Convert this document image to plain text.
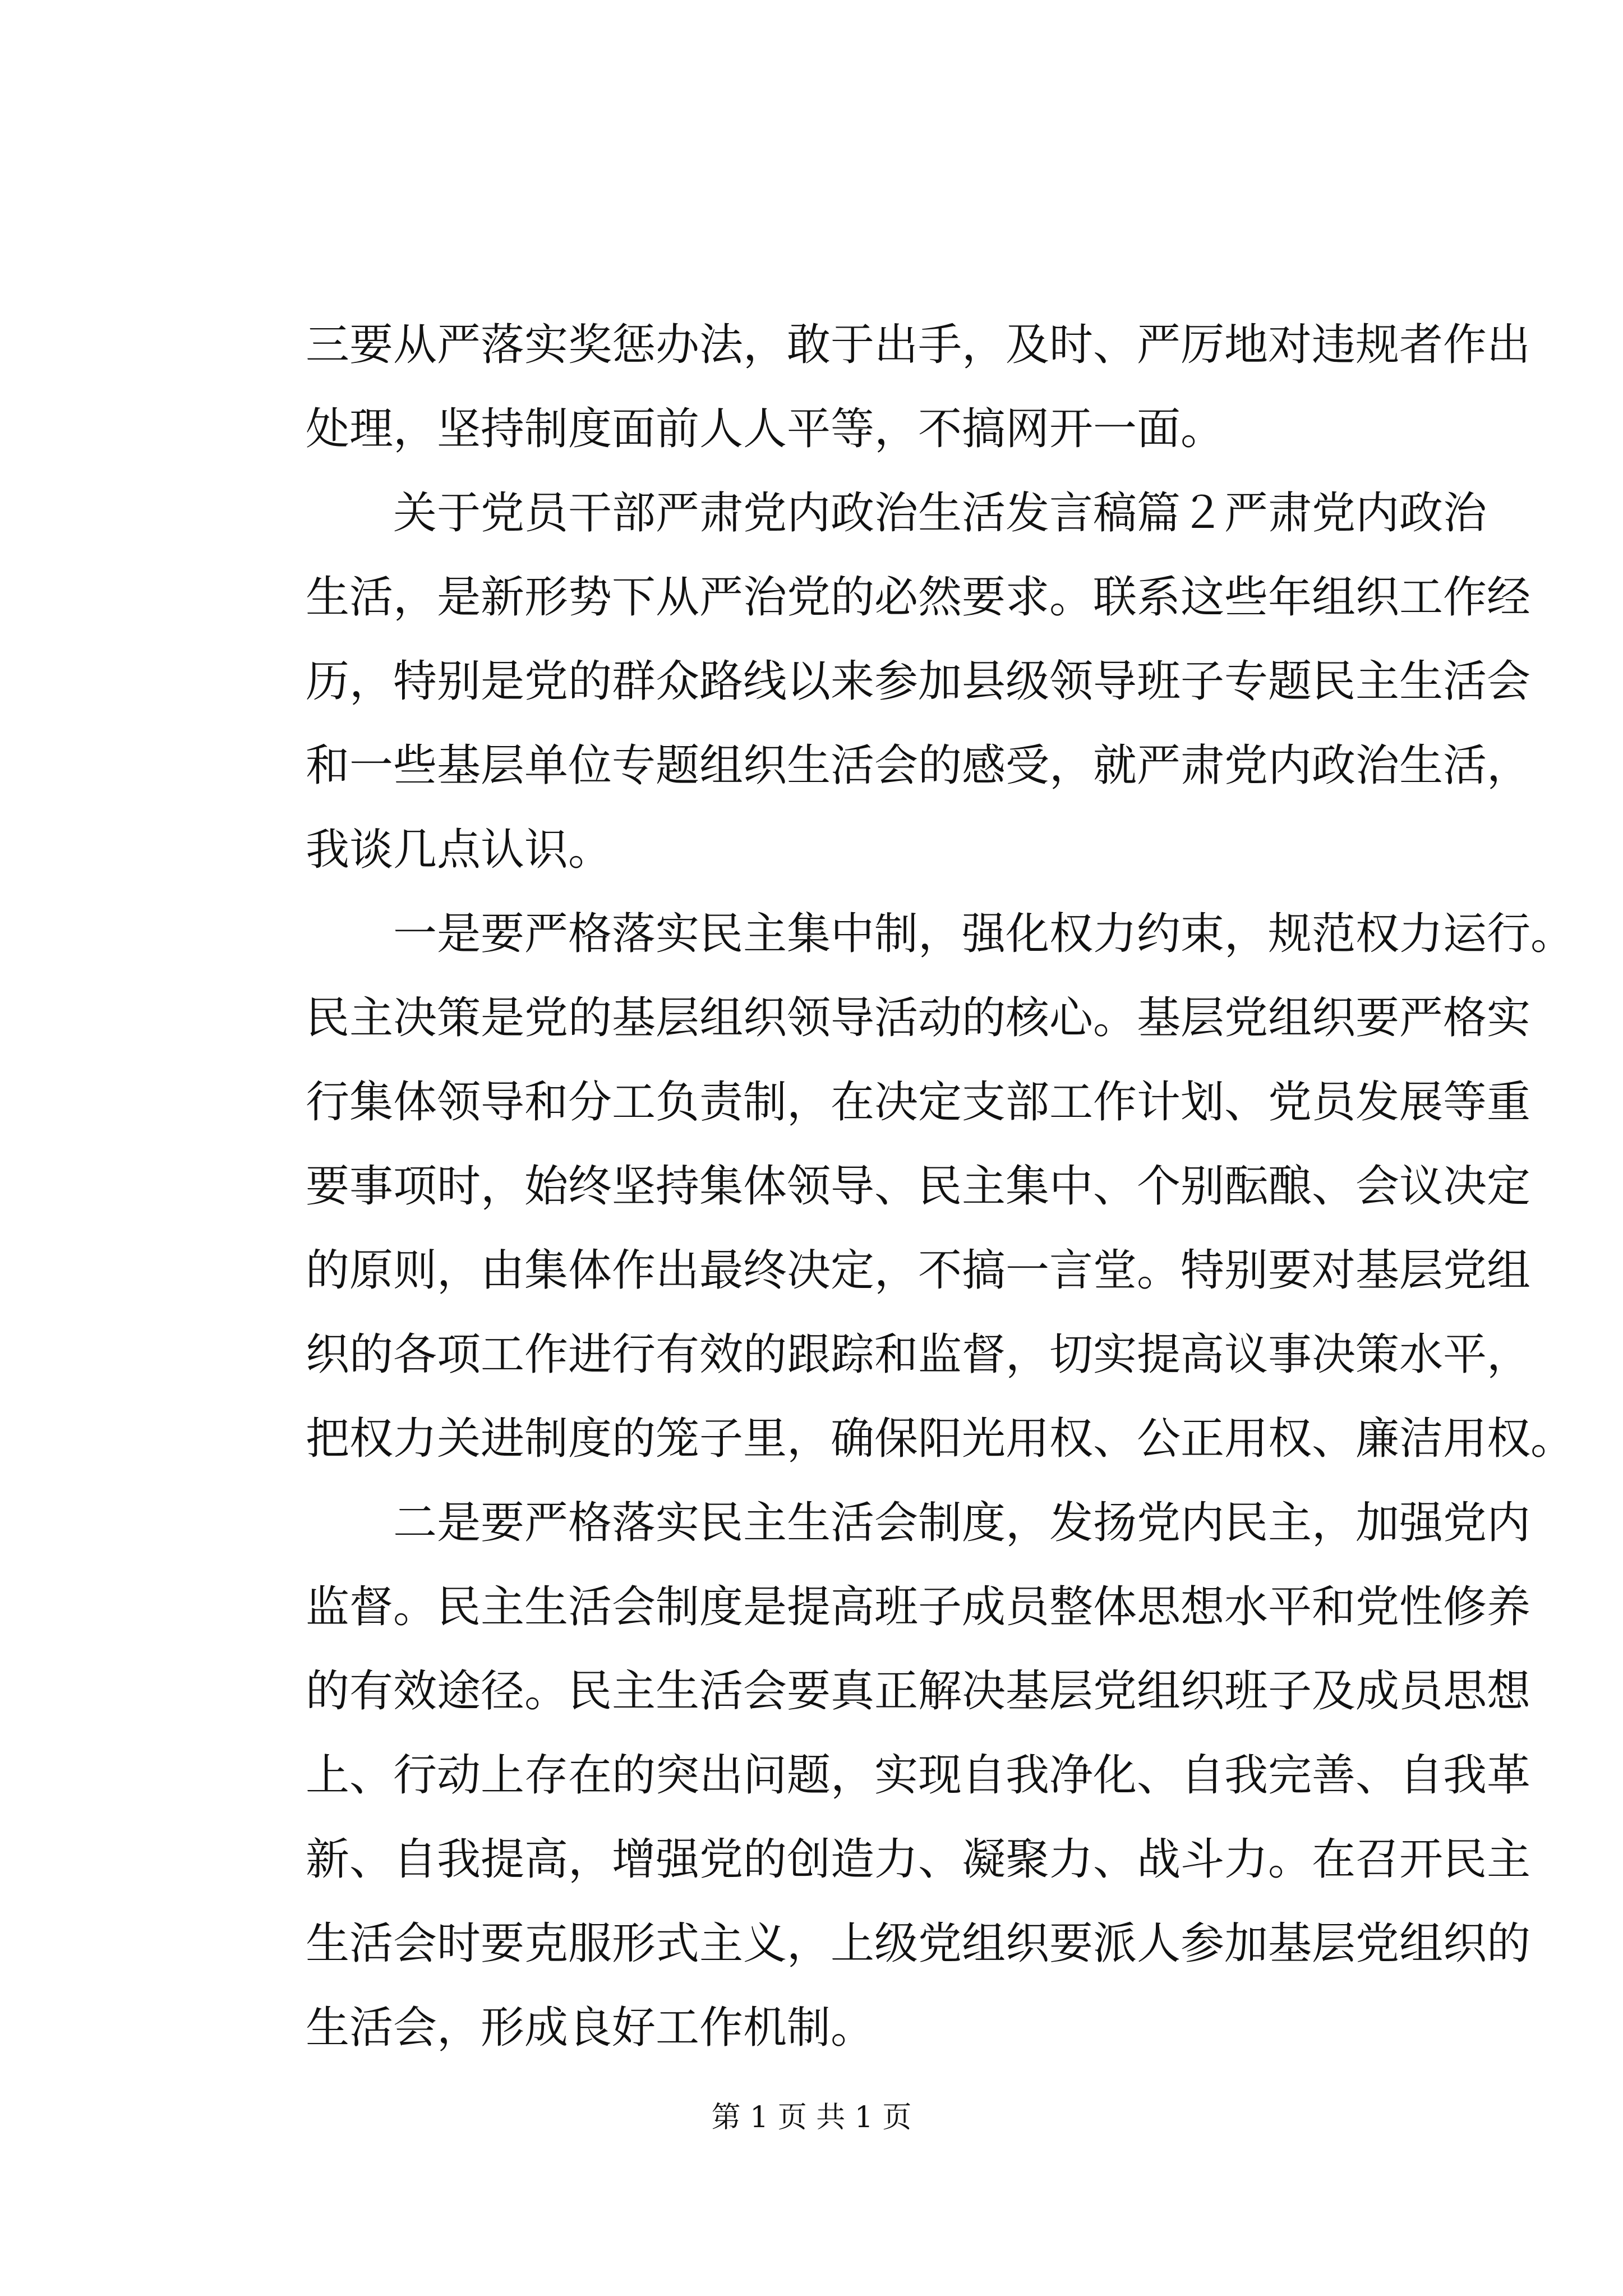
三要从严落实奖惩办法，敢于出手，及时、严厉地对违规者作出
处理，坚持制度面前人人平等，不搞网开一面。
关于党员干部严肃党内政治生活发言稿篇２严肃党内政治
生活，是新形势下从严治党的必然要求。联系这些年组织工作经
历，特别是党的群众路线以来参加县级领导班子专题民主生活会
和一些基层单位专题组织生活会的感受，就严肃党内政治生活，
我谈几点认识。
一是要严格落实民主集中制，强化权力约束，规范权力运行。
民主决策是党的基层组织领导活动的核心。基层党组织要严格实
行集体领导和分工负责制，在决定支部工作计划、党员发展等重
要事项时，始终坚持集体领导、民主集中、个别酝酿、会议决定
的原则，由集体作出最终决定，不搞一言堂。特别要对基层党组
织的各项工作进行有效的跟踪和监督，切实提高议事决策水平，
把权力关进制度的笼子里，确保阳光用权、公正用权、廉洁用权。
二是要严格落实民主生活会制度，发扬党内民主，加强党内
监督。民主生活会制度是提高班子成员整体思想水平和党性修养
的有效途径。民主生活会要真正解决基层党组织班子及成员思想
上、行动上存在的突出问题，实现自我净化、自我完善、自我革
新、自我提高，增强党的创造力、凝聚力、战斗力。在召开民主
生活会时要克服形式主义，上级党组织要派人参加基层党组织的
生活会，形成良好工作机制。
第 1 页 共 1 页
